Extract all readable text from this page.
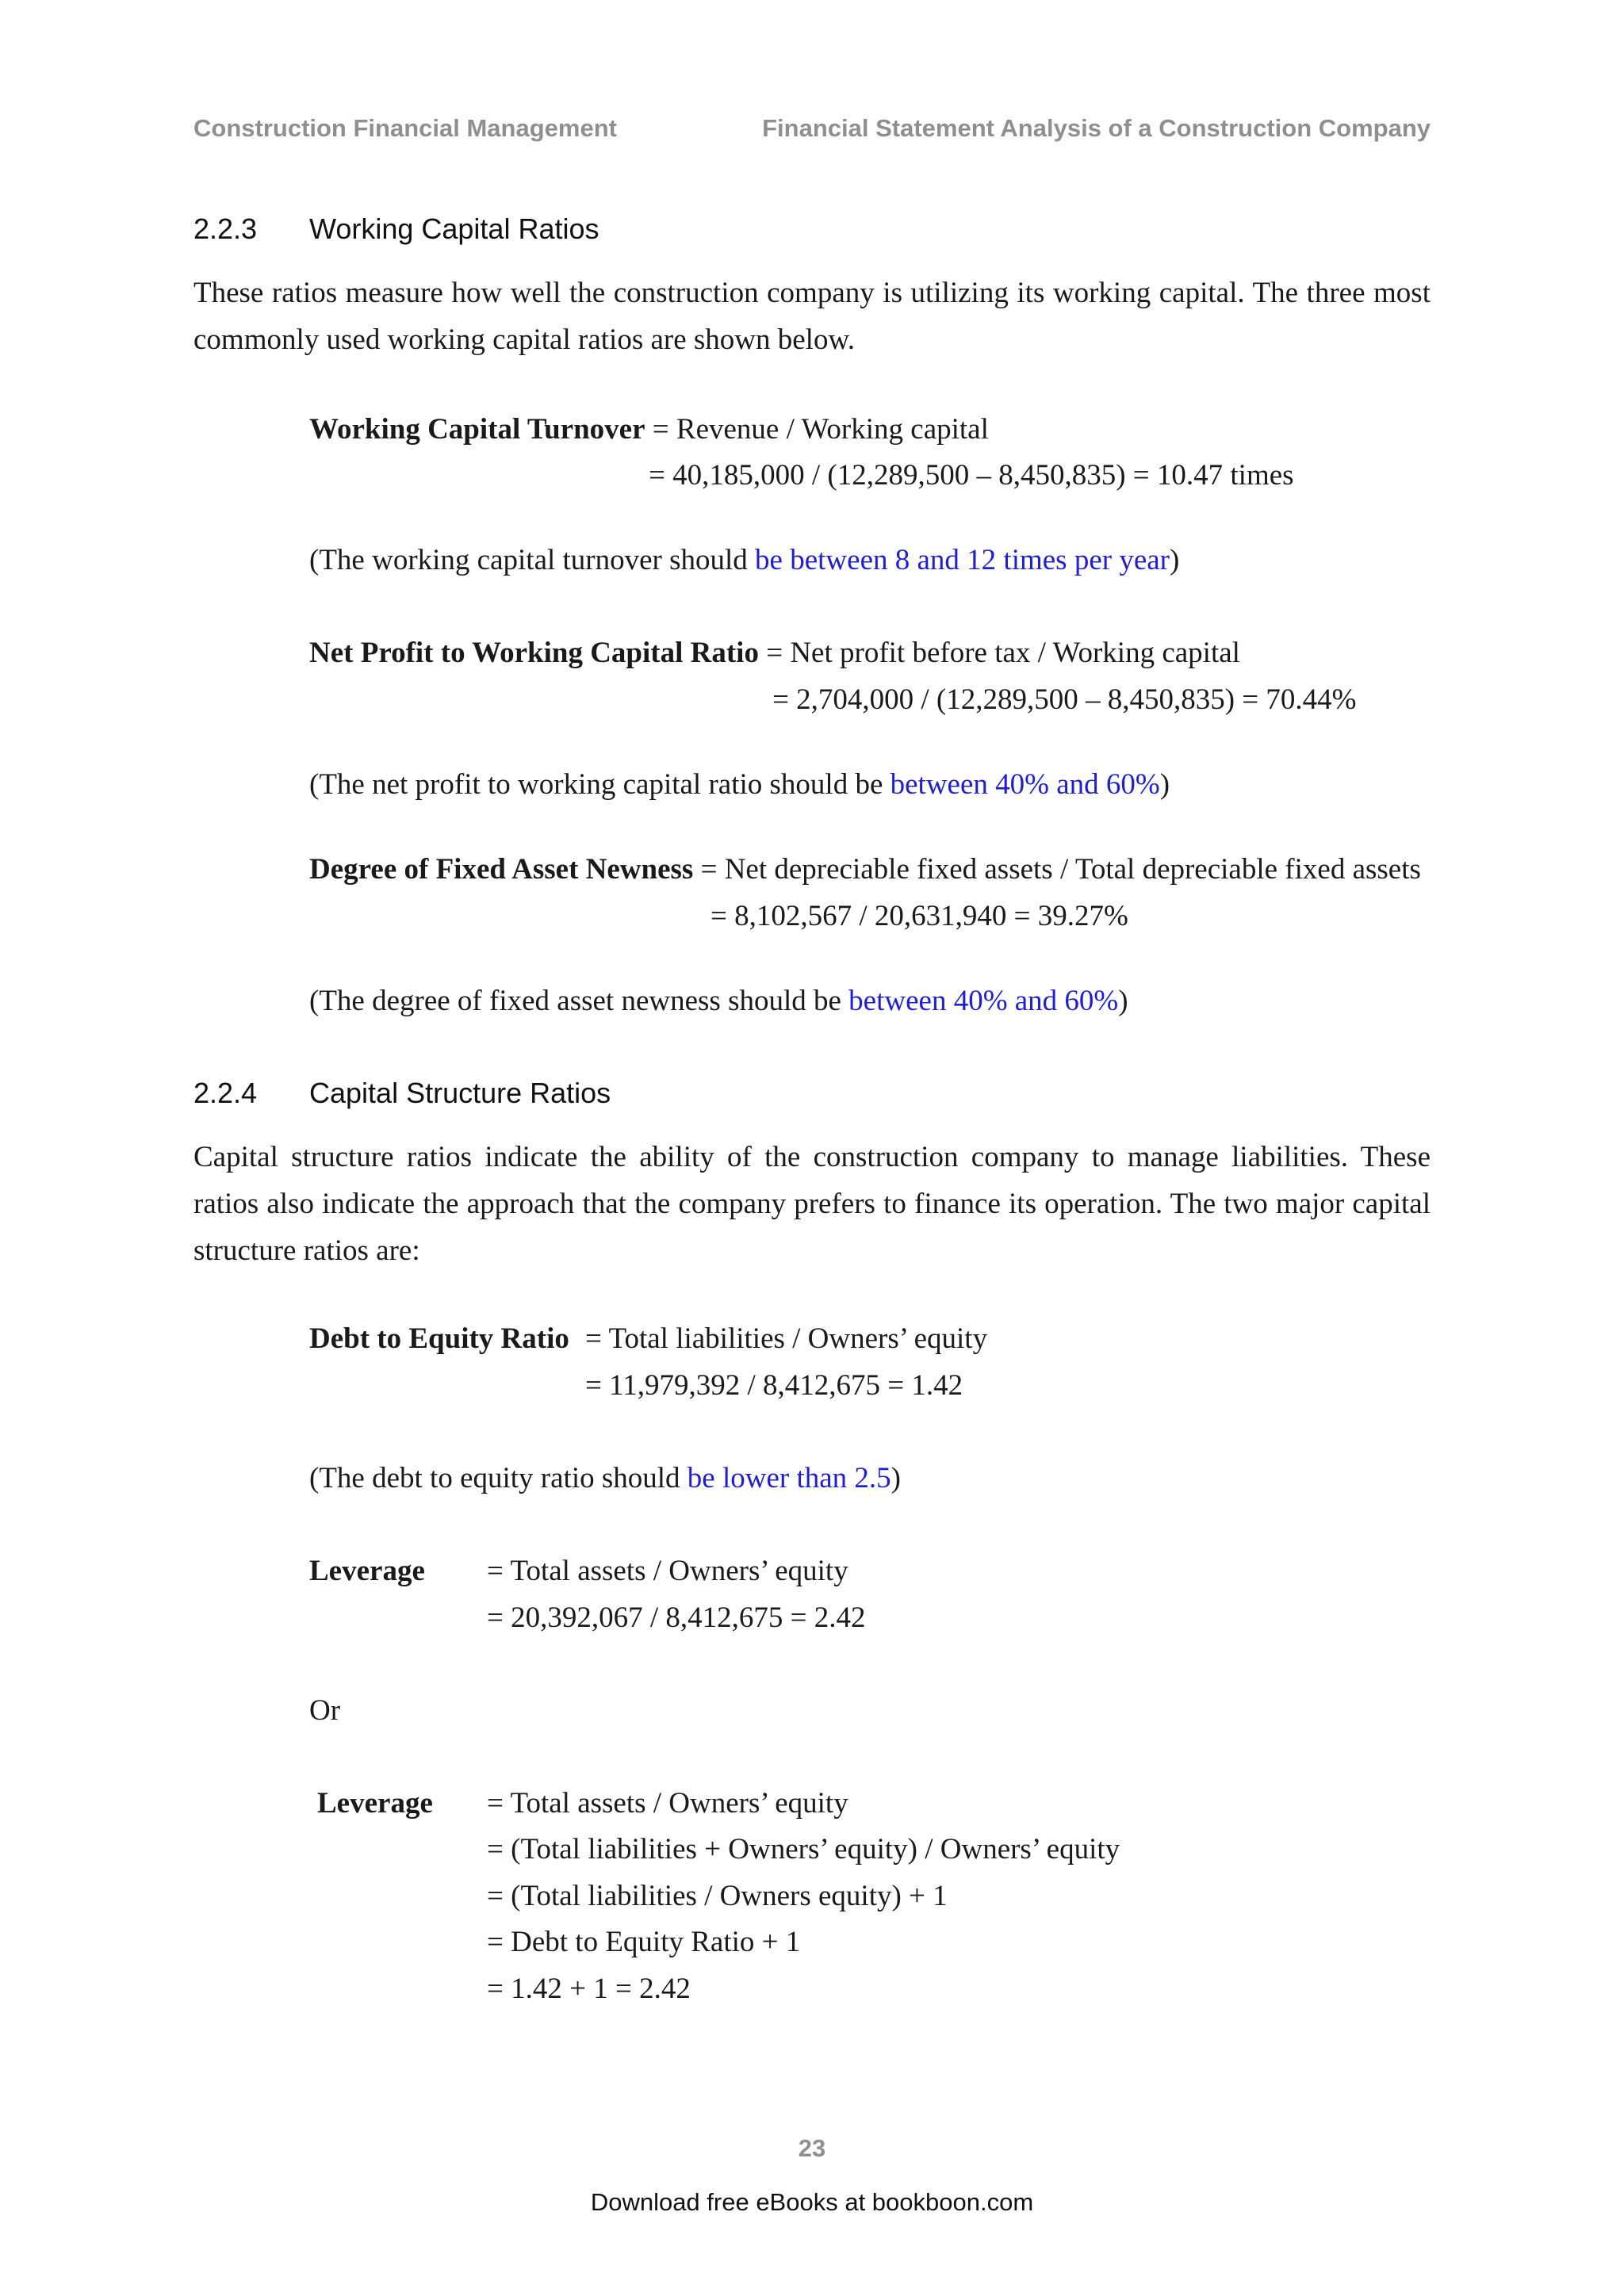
Construction Financial Management	Financial Statement Analysis of a Construction Company
2.2.3 Working Capital Ratios
These ratios measure how well the construction company is utilizing its working capital. The three most commonly used working capital ratios are shown below.
Working Capital Turnover = Revenue / Working capital
= 40,185,000 / (12,289,500 – 8,450,835) = 10.47 times
(The working capital turnover should be between 8 and 12 times per year)
Net Profit to Working Capital Ratio = Net profit before tax / Working capital
= 2,704,000 / (12,289,500 – 8,450,835) = 70.44%
(The net profit to working capital ratio should be between 40% and 60%)
Degree of Fixed Asset Newness = Net depreciable fixed assets / Total depreciable fixed assets
= 8,102,567 / 20,631,940 = 39.27%
(The degree of fixed asset newness should be between 40% and 60%)
2.2.4 Capital Structure Ratios
Capital structure ratios indicate the ability of the construction company to manage liabilities. These ratios also indicate the approach that the company prefers to finance its operation. The two major capital structure ratios are:
Debt to Equity Ratio = Total liabilities / Owners’ equity
= 11,979,392 / 8,412,675 = 1.42
(The debt to equity ratio should be lower than 2.5)
Leverage = Total assets / Owners’ equity
= 20,392,067 / 8,412,675 = 2.42
Or
Leverage = Total assets / Owners’ equity
= (Total liabilities + Owners’ equity) / Owners’ equity
= (Total liabilities / Owners equity) + 1
= Debt to Equity Ratio + 1
= 1.42 + 1 = 2.42
23
Download free eBooks at bookboon.com
